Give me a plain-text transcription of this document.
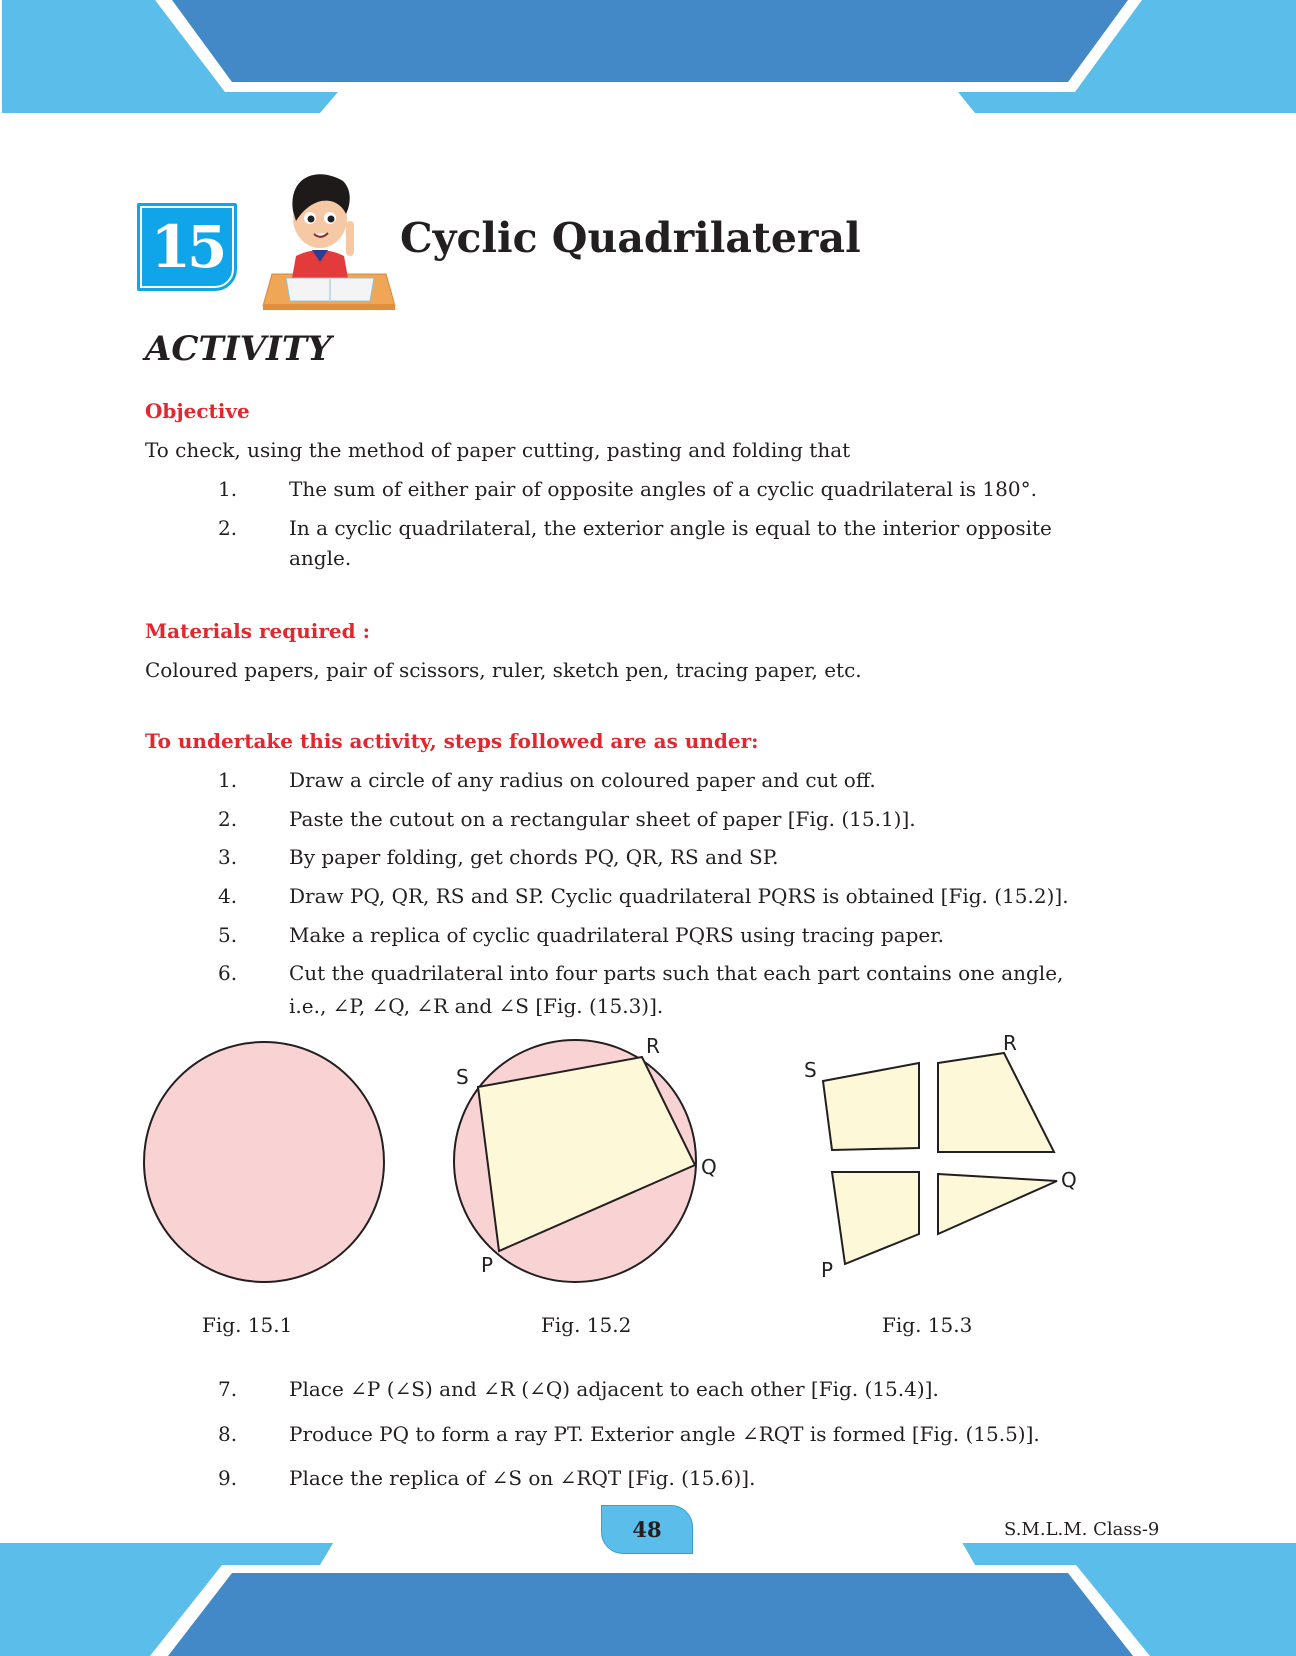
15	Cyclic Quadrilateral
ACTIVITY
Objective
To check, using the method of paper cutting, pasting and folding that
1.	The sum of either pair of opposite angles of a cyclic quadrilateral is 180°.
2.	In a cyclic quadrilateral, the exterior angle is equal to the interior opposite
angle.
Materials required :
Coloured papers, pair of scissors, ruler, sketch pen, tracing paper, etc.
To undertake this activity, steps followed are as under:
1.	Draw a circle of any radius on coloured paper and cut off.
2.	Paste the cutout on a rectangular sheet of paper [Fig. (15.1)].
3.	By paper folding, get chords PQ, QR, RS and SP.
4.	Draw PQ, QR, RS and SP. Cyclic quadrilateral PQRS is obtained [Fig. (15.2)].
5.	Make a replica of cyclic quadrilateral PQRS using tracing paper.
6.	Cut the quadrilateral into four parts such that each part contains one angle,
i.e., ∠P, ∠Q, ∠R and ∠S [Fig. (15.3)].
S
R
Q
P
S
R
Q
P
Fig. 15.1	Fig. 15.2	Fig. 15.3
7.	Place ∠P (∠S) and ∠R (∠Q) adjacent to each other [Fig. (15.4)].
8.	Produce PQ to form a ray PT. Exterior angle ∠RQT is formed [Fig. (15.5)].
9.	Place the replica of ∠S on ∠RQT [Fig. (15.6)].
48	S.M.L.M. Class-9
